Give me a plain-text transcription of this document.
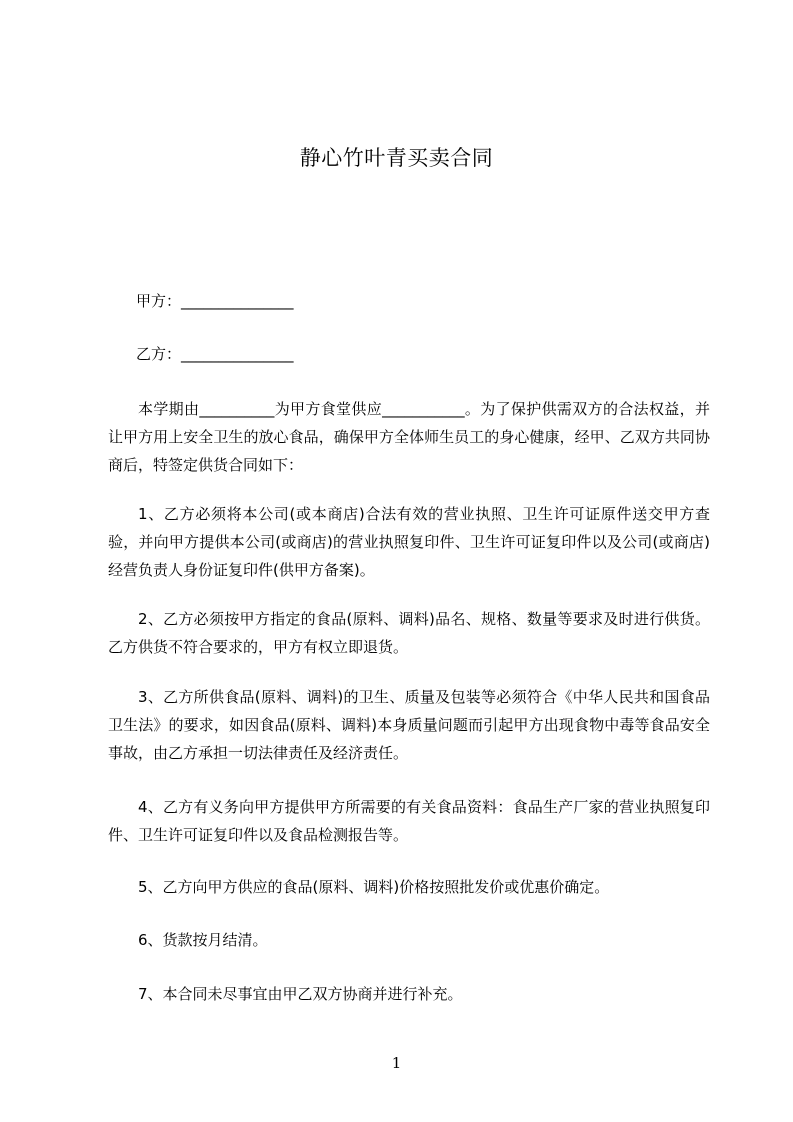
静心竹叶青买卖合同
甲方：_______________
乙方：_______________
本学期由__________为甲方食堂供应___________。为了保护供需双方的合法权益，并让甲方用上安全卫生的放心食品，确保甲方全体师生员工的身心健康，经甲、乙双方共同协商后，特签定供货合同如下：
1、乙方必须将本公司(或本商店)合法有效的营业执照、卫生许可证原件送交甲方查验，并向甲方提供本公司(或商店)的营业执照复印件、卫生许可证复印件以及公司(或商店)经营负责人身份证复印件(供甲方备案)。
2、乙方必须按甲方指定的食品(原料、调料)品名、规格、数量等要求及时进行供货。乙方供货不符合要求的，甲方有权立即退货。
3、乙方所供食品(原料、调料)的卫生、质量及包装等必须符合《中华人民共和国食品卫生法》的要求，如因食品(原料、调料)本身质量问题而引起甲方出现食物中毒等食品安全事故，由乙方承担一切法律责任及经济责任。
4、乙方有义务向甲方提供甲方所需要的有关食品资料：食品生产厂家的营业执照复印件、卫生许可证复印件以及食品检测报告等。
5、乙方向甲方供应的食品(原料、调料)价格按照批发价或优惠价确定。
6、货款按月结清。
7、本合同未尽事宜由甲乙双方协商并进行补充。
1
